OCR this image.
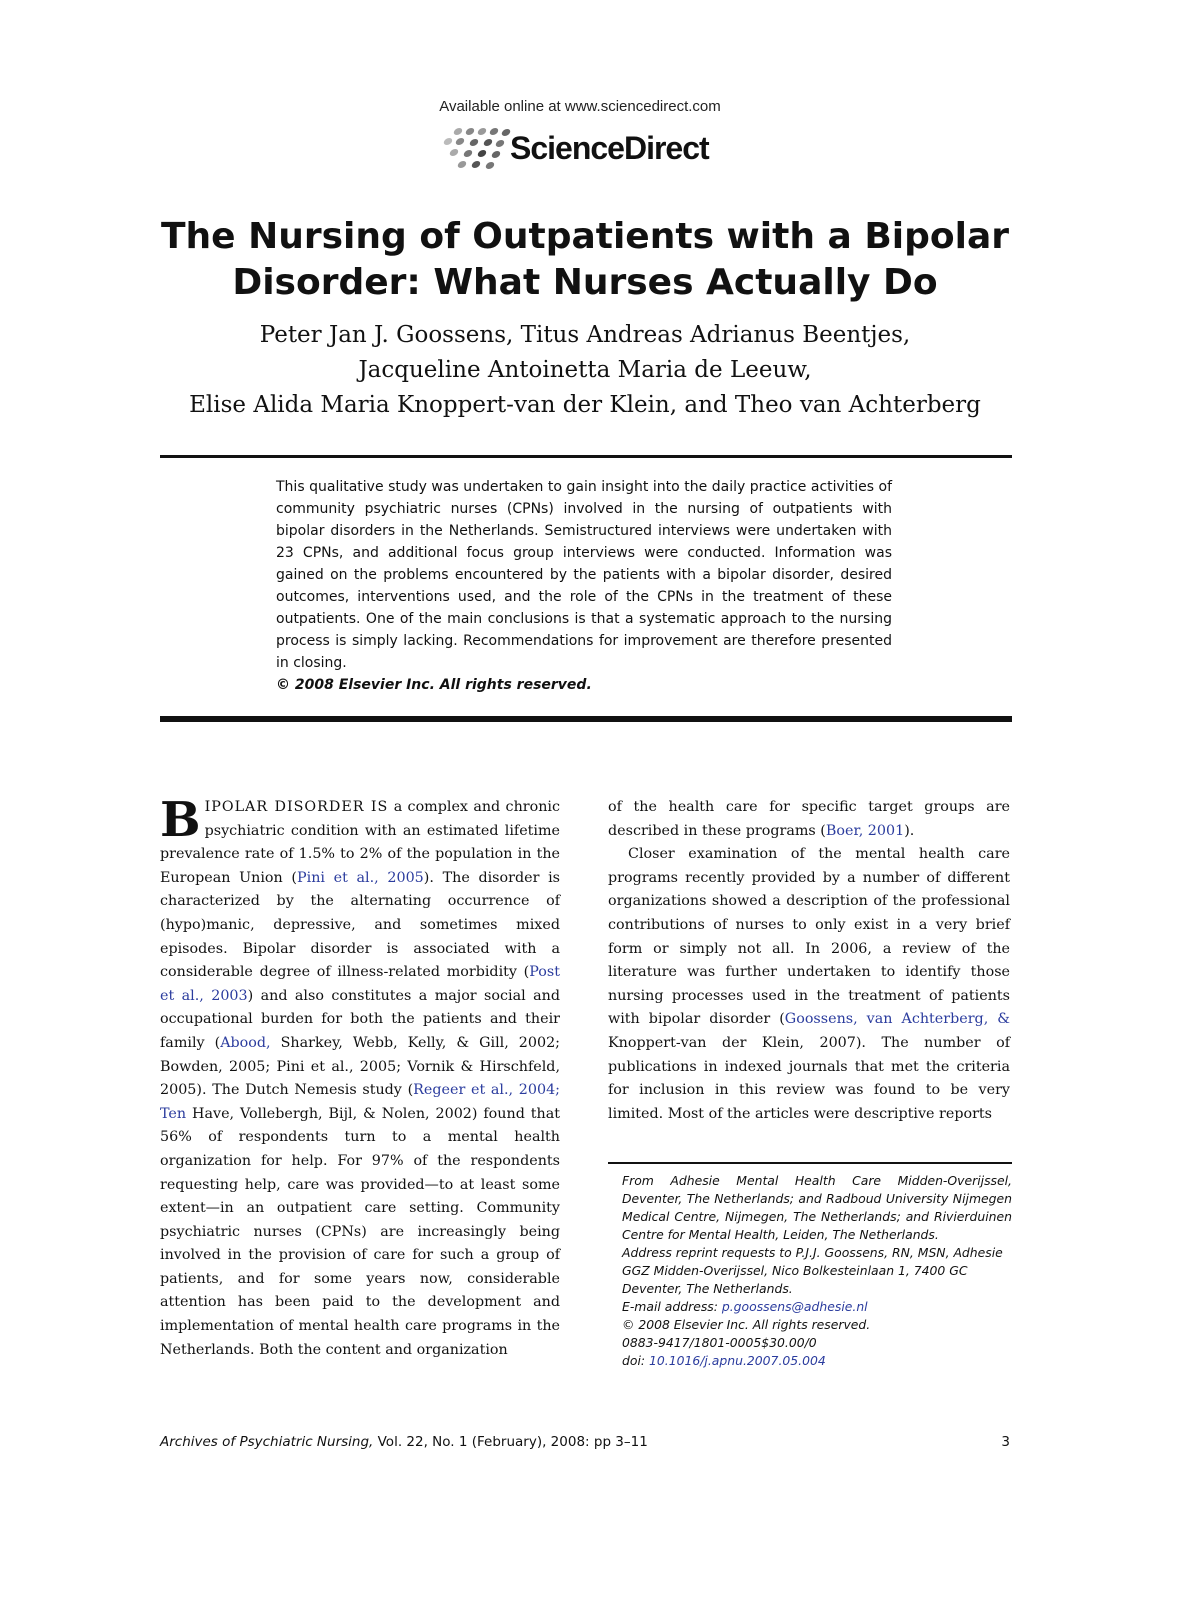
Available online at www.sciencedirect.com
ScienceDirect
The Nursing of Outpatients with a Bipolar Disorder: What Nurses Actually Do
Peter Jan J. Goossens, Titus Andreas Adrianus Beentjes,
Jacqueline Antoinetta Maria de Leeuw,
Elise Alida Maria Knoppert-van der Klein, and Theo van Achterberg
This qualitative study was undertaken to gain insight into the daily practice activities of community psychiatric nurses (CPNs) involved in the nursing of outpatients with bipolar disorders in the Netherlands. Semistructured interviews were undertaken with 23 CPNs, and additional focus group interviews were conducted. Information was gained on the problems encountered by the patients with a bipolar disorder, desired outcomes, interventions used, and the role of the CPNs in the treatment of these outpatients. One of the main conclusions is that a systematic approach to the nursing process is simply lacking. Recommendations for improvement are therefore presented in closing.
© 2008 Elsevier Inc. All rights reserved.

BIPOLAR DISORDER IS a complex and chronic psychiatric condition with an estimated lifetime prevalence rate of 1.5% to 2% of the population in the European Union (Pini et al., 2005). The disorder is characterized by the alternating occurrence of (hypo)manic, depressive, and sometimes mixed episodes. Bipolar disorder is associated with a considerable degree of illness-related morbidity (Post et al., 2003) and also constitutes a major social and occupational burden for both the patients and their family (Abood, Sharkey, Webb, Kelly, & Gill, 2002; Bowden, 2005; Pini et al., 2005; Vornik & Hirschfeld, 2005). The Dutch Nemesis study (Regeer et al., 2004; Ten Have, Vollebergh, Bijl, & Nolen, 2002) found that 56% of respondents turn to a mental health organization for help. For 97% of the respondents requesting help, care was provided—to at least some extent—in an outpatient care setting. Community psychiatric nurses (CPNs) are increasingly being involved in the provision of care for such a group of patients, and for some years now, considerable attention has been paid to the development and implementation of mental health care programs in the Netherlands. Both the content and organization

of the health care for specific target groups are described in these programs (Boer, 2001).

Closer examination of the mental health care programs recently provided by a number of different organizations showed a description of the professional contributions of nurses to only exist in a very brief form or simply not all. In 2006, a review of the literature was further undertaken to identify those nursing processes used in the treatment of patients with bipolar disorder (Goossens, van Achterberg, & Knoppert-van der Klein, 2007). The number of publications in indexed journals that met the criteria for inclusion in this review was found to be very limited. Most of the articles were descriptive reports

From Adhesie Mental Health Care Midden-Overijssel, Deventer, The Netherlands; and Radboud University Nijmegen Medical Centre, Nijmegen, The Netherlands; and Rivierduinen Centre for Mental Health, Leiden, The Netherlands.

Address reprint requests to P.J.J. Goossens, RN, MSN, Adhesie GGZ Midden-Overijssel, Nico Bolkesteinlaan 1, 7400 GC Deventer, The Netherlands.

E-mail address: p.goossens@adhesie.nl

© 2008 Elsevier Inc. All rights reserved.

0883-9417/1801-0005$30.00/0

doi: 10.1016/j.apnu.2007.05.004

Archives of Psychiatric Nursing, Vol. 22, No. 1 (February), 2008: pp 3–11	3
